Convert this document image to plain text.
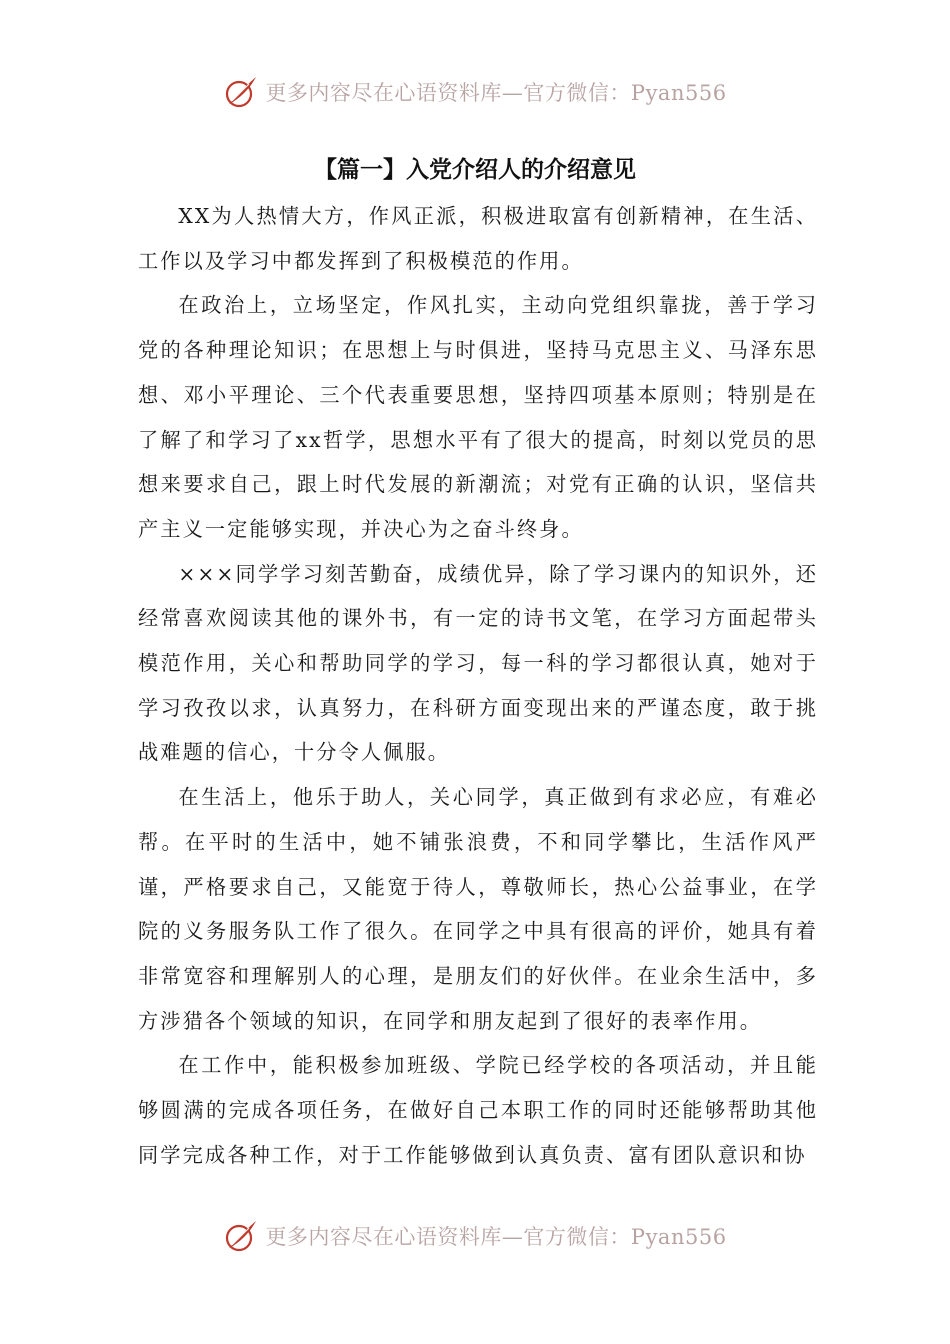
更多内容尽在心语资料库—官方微信：Pyan556
【篇一】入党介绍人的介绍意见

XX为人热情大方，作风正派，积极进取富有创新精神，在生活、工作以及学习中都发挥到了积极模范的作用。

在政治上，立场坚定，作风扎实，主动向党组织靠拢，善于学习党的各种理论知识；在思想上与时俱进，坚持马克思主义、马泽东思想、邓小平理论、三个代表重要思想，坚持四项基本原则；特别是在了解了和学习了xx哲学，思想水平有了很大的提高，时刻以党员的思想来要求自己，跟上时代发展的新潮流；对党有正确的认识，坚信共产主义一定能够实现，并决心为之奋斗终身。

×××同学学习刻苦勤奋，成绩优异，除了学习课内的知识外，还经常喜欢阅读其他的课外书，有一定的诗书文笔，在学习方面起带头模范作用，关心和帮助同学的学习，每一科的学习都很认真，她对于学习孜孜以求，认真努力，在科研方面变现出来的严谨态度，敢于挑战难题的信心，十分令人佩服。

在生活上，他乐于助人，关心同学，真正做到有求必应，有难必帮。在平时的生活中，她不铺张浪费，不和同学攀比，生活作风严谨，严格要求自己，又能宽于待人，尊敬师长，热心公益事业，在学院的义务服务队工作了很久。在同学之中具有很高的评价，她具有着非常宽容和理解别人的心理，是朋友们的好伙伴。在业余生活中，多方涉猎各个领域的知识，在同学和朋友起到了很好的表率作用。

在工作中，能积极参加班级、学院已经学校的各项活动，并且能够圆满的完成各项任务，在做好自己本职工作的同时还能够帮助其他同学完成各种工作，对于工作能够做到认真负责、富有团队意识和协

更多内容尽在心语资料库—官方微信：Pyan556
